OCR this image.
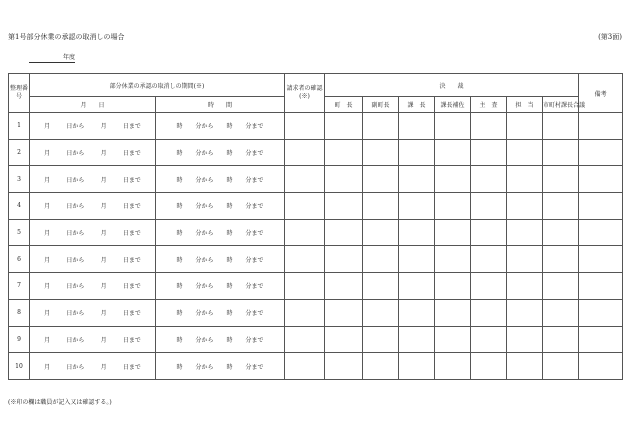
第1号部分休業の承認の取消しの場合	(第3面)
年度
整理番号	部分休業の承認の取消しの期間(※)		請求者の確認(※)	決　　裁							備考
	月　　日	時　　間		町　長	副町長	課　長	課長補佐	主　査	担　当	市町村課長合議	
1	月 日から 月 日まで	時 分から 時 分まで									

2	月 日から 月 日まで	時 分から 時 分まで									

3	月 日から 月 日まで	時 分から 時 分まで									

4	月 日から 月 日まで	時 分から 時 分まで									

5	月 日から 月 日まで	時 分から 時 分まで									

6	月 日から 月 日まで	時 分から 時 分まで									

7	月 日から 月 日まで	時 分から 時 分まで									

8	月 日から 月 日まで	時 分から 時 分まで									

9	月 日から 月 日まで	時 分から 時 分まで									

10	月 日から 月 日まで	時 分から 時 分まで									

(※印の欄は職員が記入又は確認する。)
